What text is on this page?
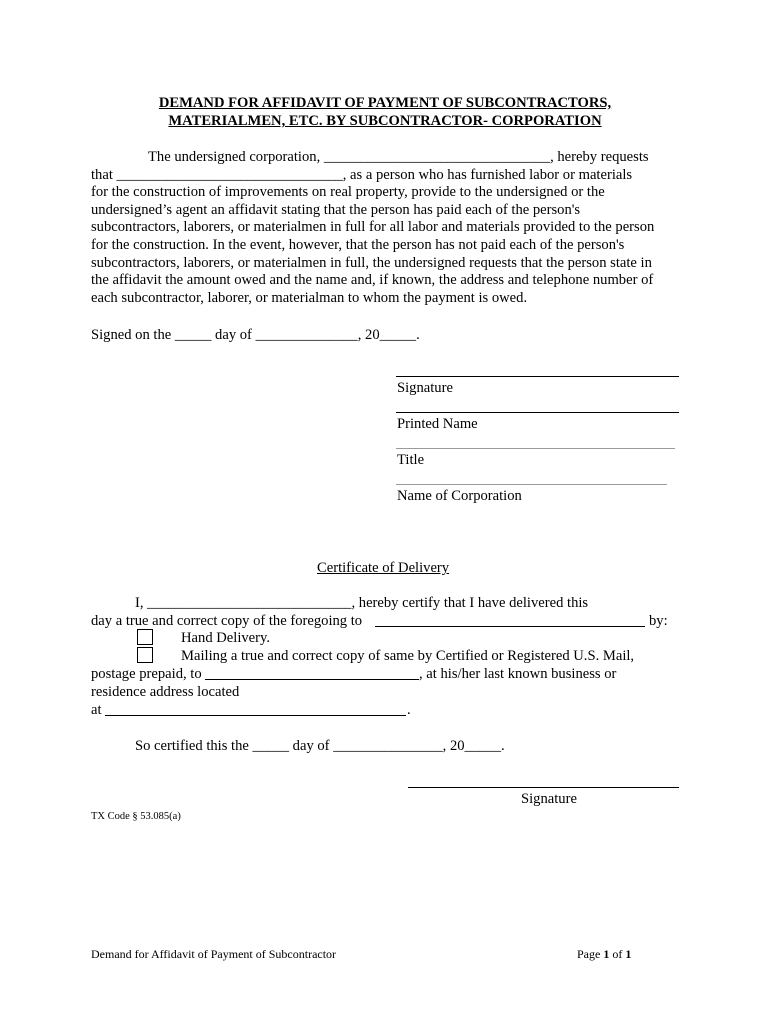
DEMAND FOR AFFIDAVIT OF PAYMENT OF SUBCONTRACTORS,
MATERIALMEN, ETC. BY SUBCONTRACTOR- CORPORATION
The undersigned corporation, _______________________________, hereby requests
that _______________________________, as a person who has furnished labor or materials
for the construction of improvements on real property, provide to the undersigned or the
undersigned’s agent an affidavit stating that the person has paid each of the person's
subcontractors, laborers, or materialmen in full for all labor and materials provided to the person
for the construction. In the event, however, that the person has not paid each of the person's
subcontractors, laborers, or materialmen in full, the undersigned requests that the person state in
the affidavit the amount owed and the name and, if known, the address and telephone number of
each subcontractor, laborer, or materialman to whom the payment is owed.
Signed on the _____ day of ______________, 20_____.
Signature
Printed Name
Title
Name of Corporation
Certificate of Delivery
I, ____________________________, hereby certify that I have delivered this
day a true and correct copy of the foregoing to	by:
Hand Delivery.
Mailing a true and correct copy of same by Certified or Registered U.S. Mail,
postage prepaid, to	, at his/her last known business or
residence address located
at	.
So certified this the _____ day of _______________, 20_____.
Signature
TX Code § 53.085(a)
Demand for Affidavit of Payment of Subcontractor	Page 1 of 1
